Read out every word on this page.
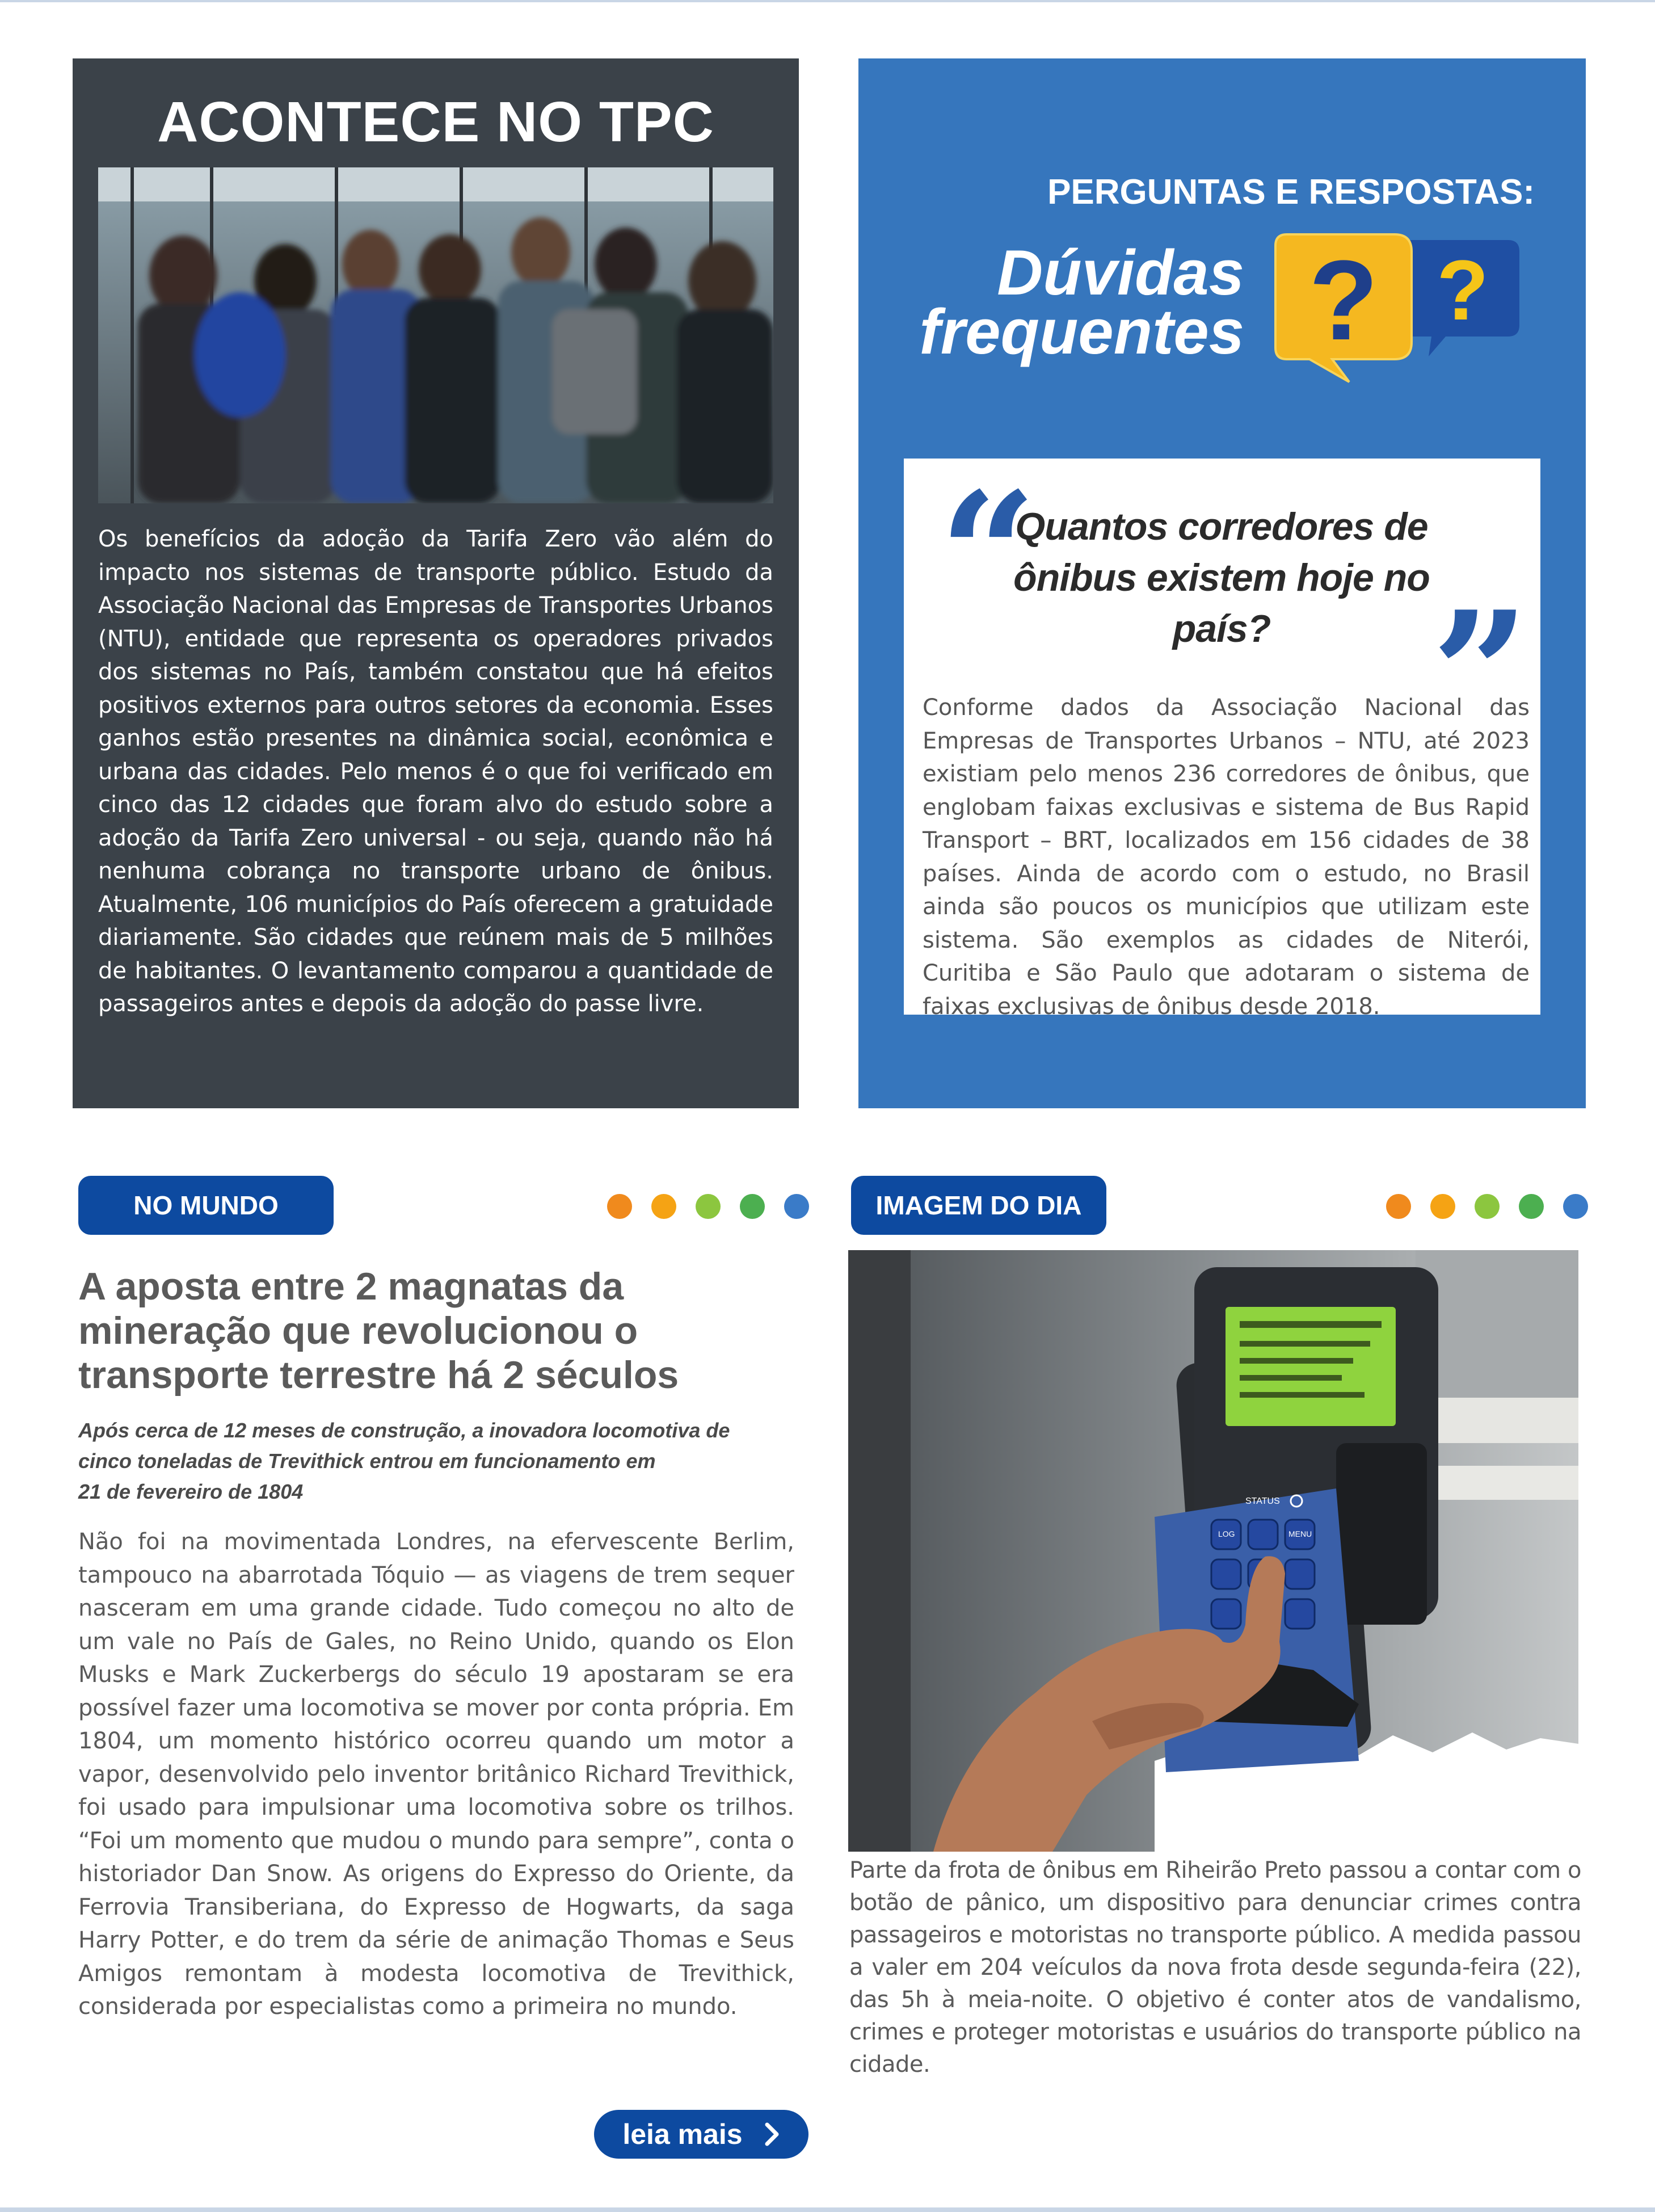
ACONTECE NO TPC

Os benefícios da adoção da Tarifa Zero vão além do impacto nos sistemas de transporte público. Estudo da Associação Nacional das Empresas de Transportes Urbanos (NTU), entidade que representa os operadores privados dos sistemas no País, também constatou que há efeitos positivos externos para outros setores da economia. Esses ganhos estão presentes na dinâmica social, econômica e urbana das cidades. Pelo menos é o que foi verificado em cinco das 12 cidades que foram alvo do estudo sobre a adoção da Tarifa Zero universal - ou seja, quando não há nenhuma cobrança no transporte urbano de ônibus. Atualmente, 106 municípios do País oferecem a gratuidade diariamente. São cidades que reúnem mais de 5 milhões de habitantes. O levantamento comparou a quantidade de passageiros antes e depois da adoção do passe livre.

PERGUNTAS E RESPOSTAS:
Dúvidas
frequentes ?
?
“
Quantos corredores de ônibus existem hoje no país? ”

Conforme dados da Associação Nacional das Empresas de Transportes Urbanos – NTU, até 2023 existiam pelo menos 236 corredores de ônibus, que englobam faixas exclusivas e sistema de Bus Rapid Transport – BRT, localizados em 156 cidades de 38 países. Ainda de acordo com o estudo, no Brasil ainda são poucos os municípios que utilizam este sistema. São exemplos as cidades de Niterói, Curitiba e São Paulo que adotaram o sistema de faixas exclusivas de ônibus desde 2018.

NO MUNDO
A aposta entre 2 magnatas da mineração que revolucionou o transporte terrestre há 2 séculos
Após cerca de 12 meses de construção, a inovadora locomotiva de
cinco toneladas de Trevithick entrou em funcionamento em
21 de fevereiro de 1804

Não foi na movimentada Londres, na efervescente Berlim, tampouco na abarrotada Tóquio — as viagens de trem sequer nasceram em uma grande cidade. Tudo começou no alto de um vale no País de Gales, no Reino Unido, quando os Elon Musks e Mark Zuckerbergs do século 19 apostaram se era possível fazer uma locomotiva se mover por conta própria. Em 1804, um momento histórico ocorreu quando um motor a vapor, desenvolvido pelo inventor britânico Richard Trevithick, foi usado para impulsionar uma locomotiva sobre os trilhos. “Foi um momento que mudou o mundo para sempre”, conta o historiador Dan Snow. As origens do Expresso do Oriente, da Ferrovia Transiberiana, do Expresso de Hogwarts, da saga Harry Potter, e do trem da série de animação Thomas e Seus Amigos remontam à modesta locomotiva de Trevithick, considerada por especialistas como a primeira no mundo.

IMAGEM DO DIA
STATUS
LOG	MENU

Parte da frota de ônibus em Riheirão Preto passou a contar com o botão de pânico, um dispositivo para denunciar crimes contra passageiros e motoristas no transporte público. A medida passou a valer em 204 veículos da nova frota desde segunda-feira (22), das 5h à meia-noite. O objetivo é conter atos de vandalismo, crimes e proteger motoristas e usuários do transporte público na cidade.

leia mais
